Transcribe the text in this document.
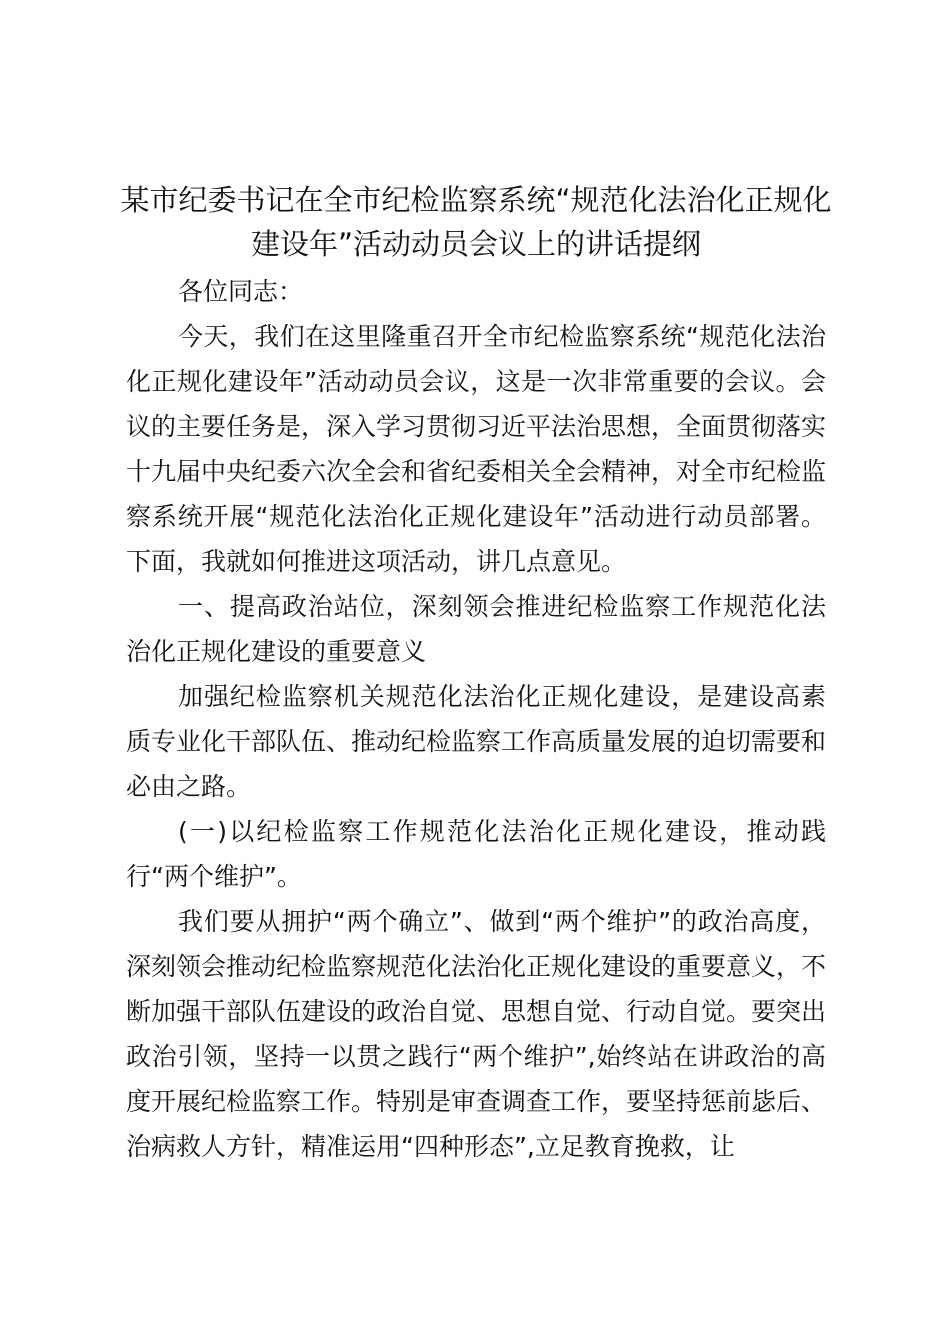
某市纪委书记在全市纪检监察系统“规范化法治化正规化
建设年”活动动员会议上的讲话提纲

各位同志：

今天，我们在这里隆重召开全市纪检监察系统“规范化法治化正规化建设年”活动动员会议，这是一次非常重要的会议。会议的主要任务是，深入学习贯彻习近平法治思想，全面贯彻落实十九届中央纪委六次全会和省纪委相关全会精神，对全市纪检监察系统开展“规范化法治化正规化建设年”活动进行动员部署。下面，我就如何推进这项活动，讲几点意见。

一、提高政治站位，深刻领会推进纪检监察工作规范化法治化正规化建设的重要意义

加强纪检监察机关规范化法治化正规化建设，是建设高素质专业化干部队伍、推动纪检监察工作高质量发展的迫切需要和必由之路。

(一)以纪检监察工作规范化法治化正规化建设，推动践行“两个维护”。

我们要从拥护“两个确立”、做到“两个维护”的政治高度，深刻领会推动纪检监察规范化法治化正规化建设的重要意义，不断加强干部队伍建设的政治自觉、思想自觉、行动自觉。要突出政治引领，坚持一以贯之践行“两个维护”,始终站在讲政治的高度开展纪检监察工作。特别是审查调查工作，要坚持惩前毖后、治病救人方针，精准运用“四种形态”,立足教育挽救，让
